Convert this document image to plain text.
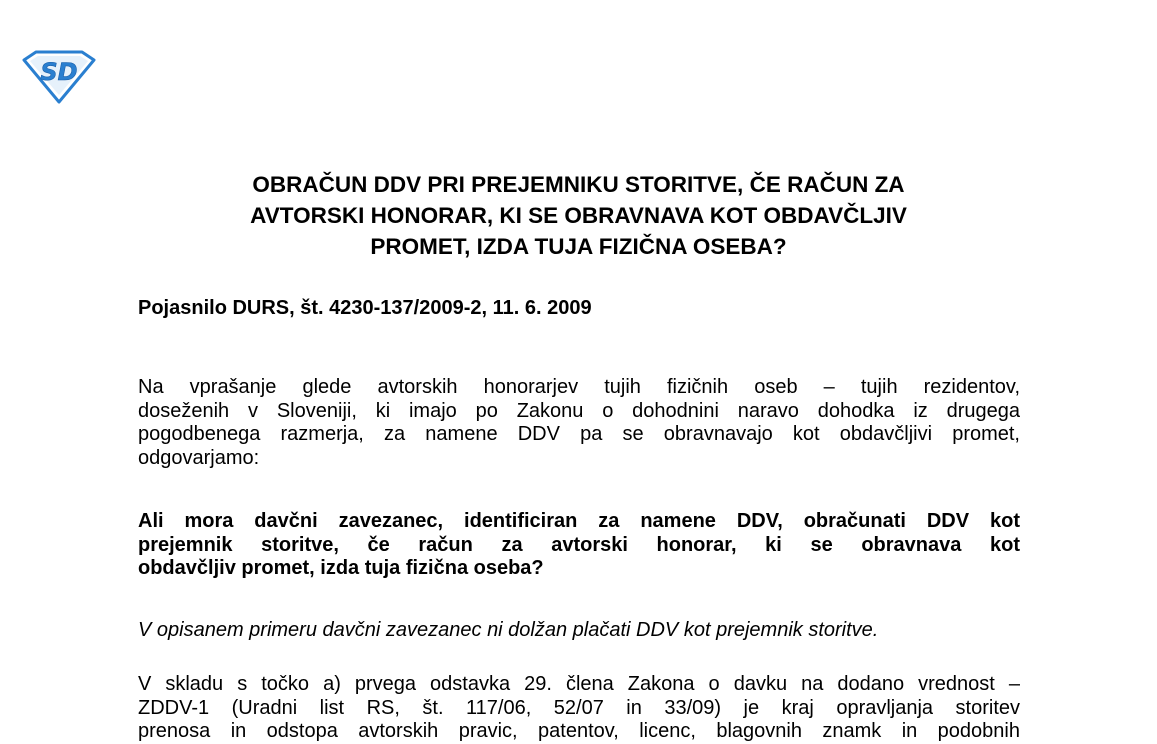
SD
OBRAČUN DDV PRI PREJEMNIKU STORITVE, ČE RAČUN ZA
AVTORSKI HONORAR, KI SE OBRAVNAVA KOT OBDAVČLJIV
PROMET, IZDA TUJA FIZIČNA OSEBA?

Pojasnilo DURS, št. 4230-137/2009-2, 11. 6. 2009

Na vprašanje glede avtorskih honorarjev tujih fizičnih oseb – tujih rezidentov,
doseženih v Sloveniji, ki imajo po Zakonu o dohodnini naravo dohodka iz drugega
pogodbenega razmerja, za namene DDV pa se obravnavajo kot obdavčljivi promet,
odgovarjamo:

Ali mora davčni zavezanec, identificiran za namene DDV, obračunati DDV kot
prejemnik storitve, če račun za avtorski honorar, ki se obravnava kot
obdavčljiv promet, izda tuja fizična oseba?

V opisanem primeru davčni zavezanec ni dolžan plačati DDV kot prejemnik storitve.

V skladu s točko a) prvega odstavka 29. člena Zakona o davku na dodano vrednost –
ZDDV-1 (Uradni list RS, št. 117/06, 52/07 in 33/09) je kraj opravljanja storitev
prenosa in odstopa avtorskih pravic, patentov, licenc, blagovnih znamk in podobnih
